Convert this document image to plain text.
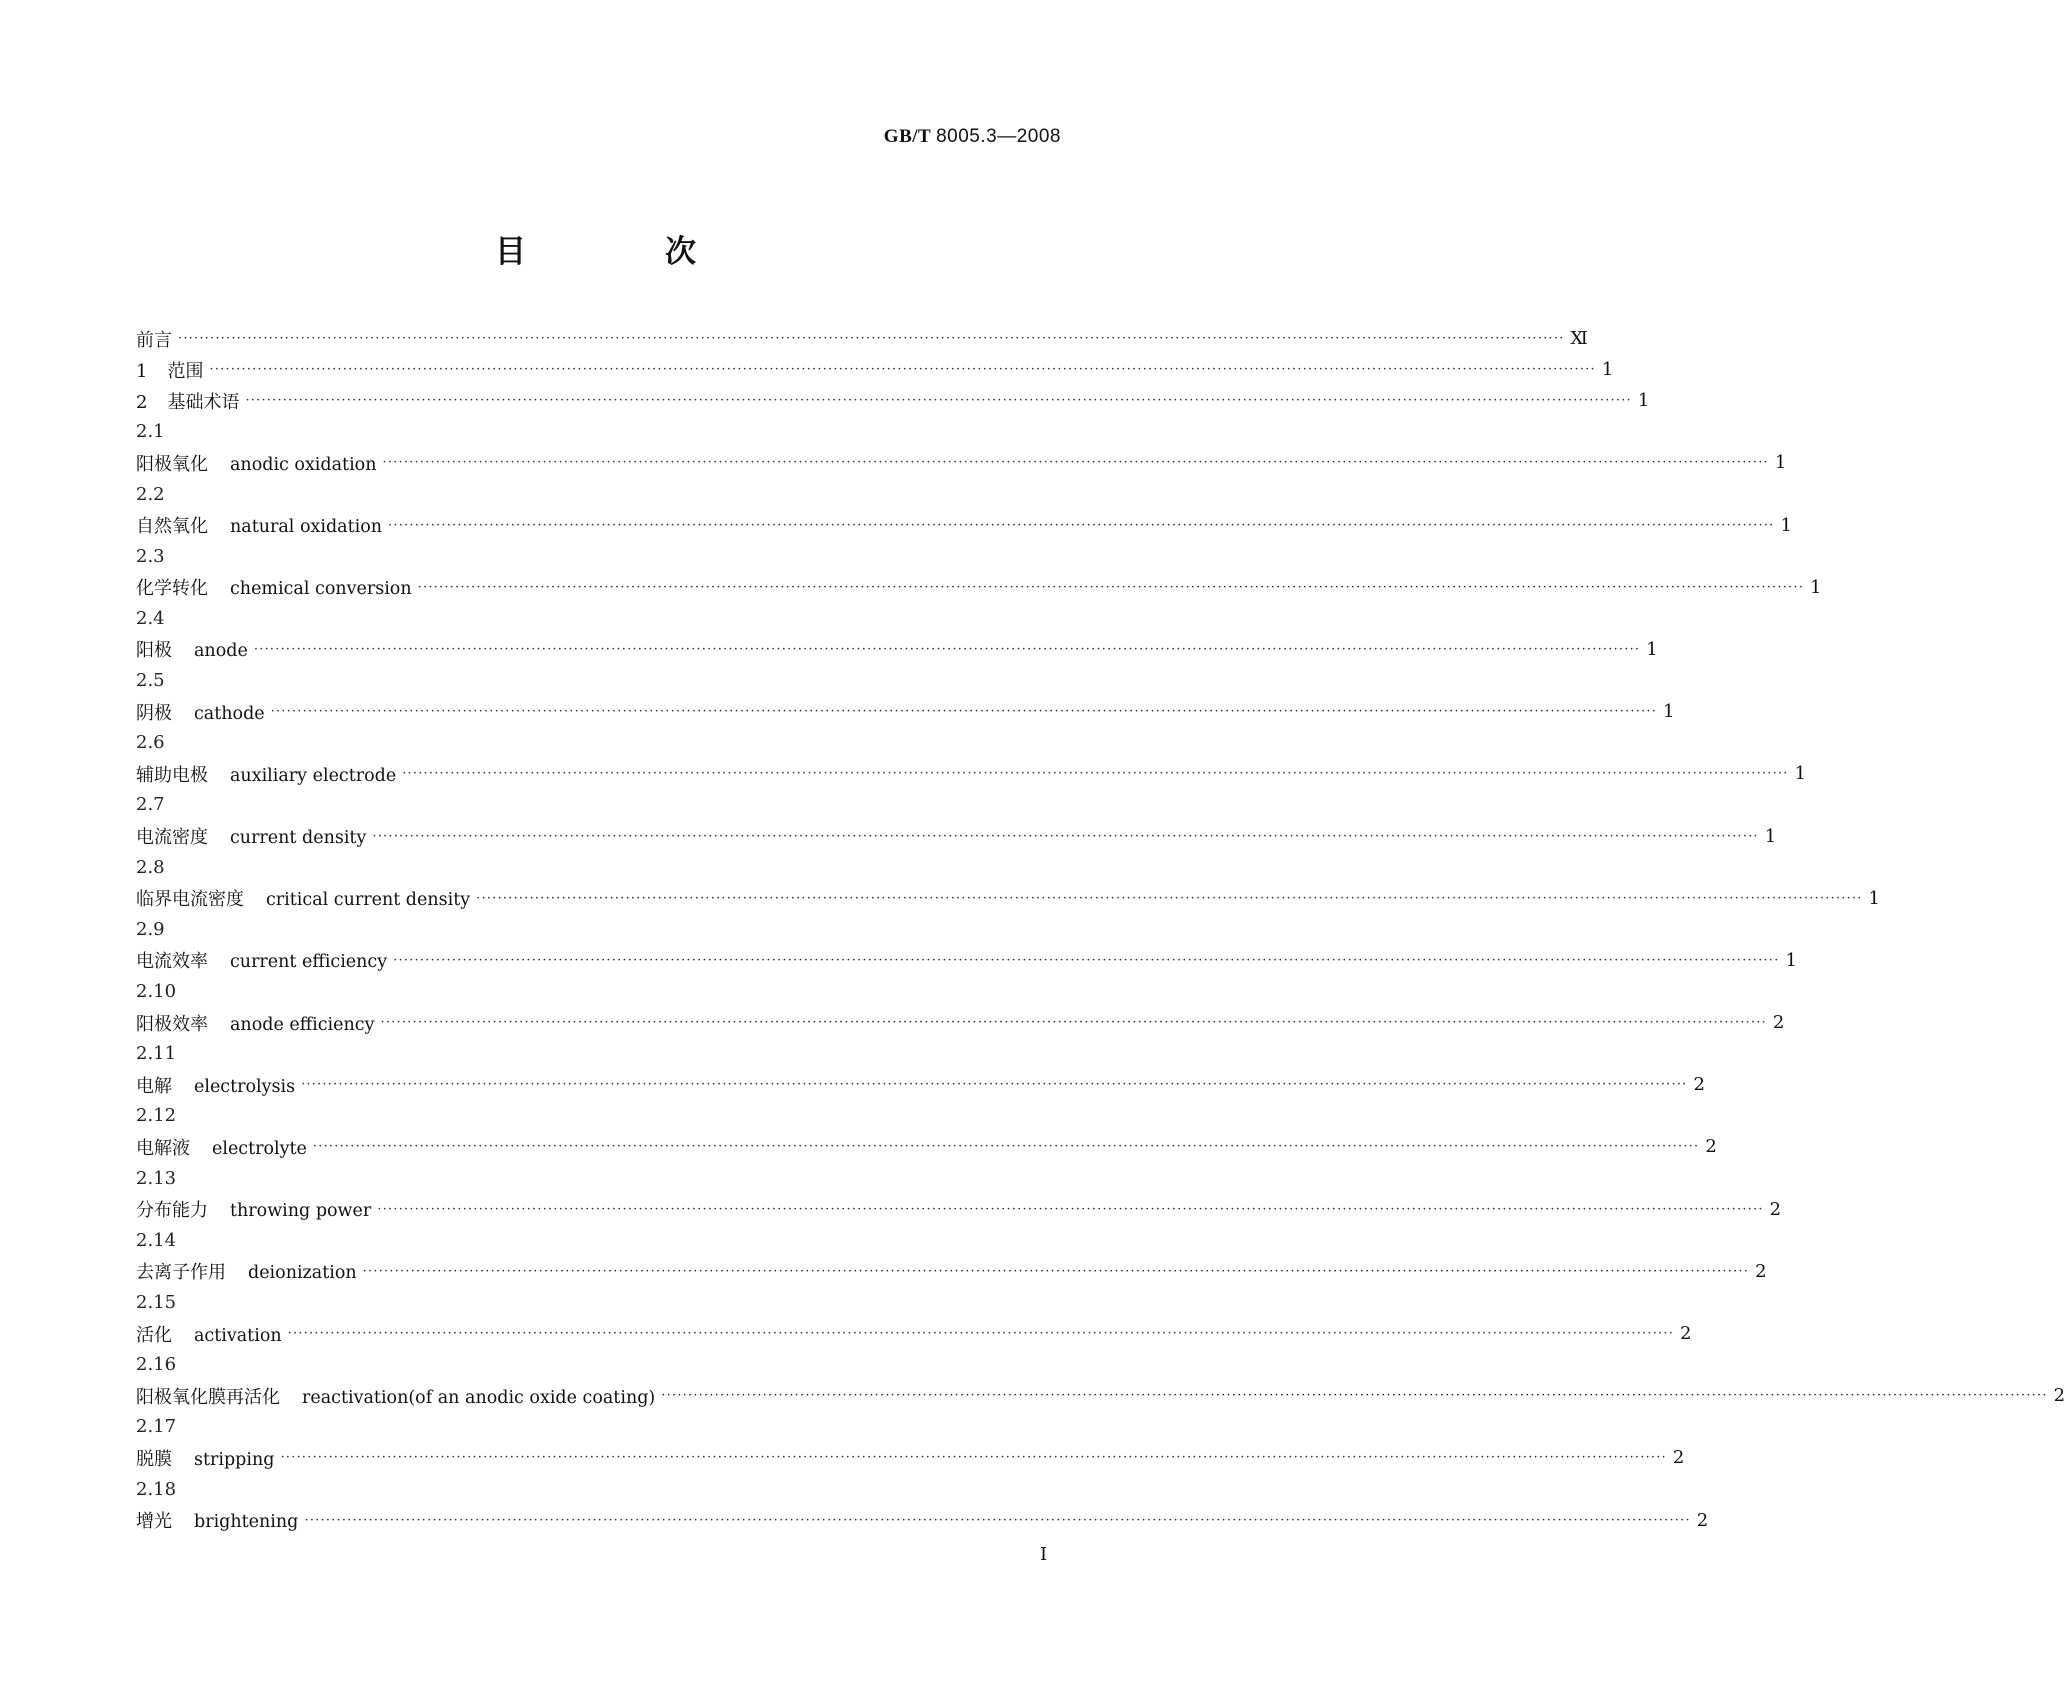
GB/T 8005.3—2008
目　次
前言 ···································································································································································································································································· Ⅺ
1 范围 ···································································································································································································································································· 1
2 基础术语 ···································································································································································································································································· 1
2.1
阳极氧化 anodic oxidation ···································································································································································································································································· 1
2.2
自然氧化 natural oxidation ···································································································································································································································································· 1
2.3
化学转化 chemical conversion ···································································································································································································································································· 1
2.4
阳极 anode ···································································································································································································································································· 1
2.5
阴极 cathode ···································································································································································································································································· 1
2.6
辅助电极 auxiliary electrode ···································································································································································································································································· 1
2.7
电流密度 current density ···································································································································································································································································· 1
2.8
临界电流密度 critical current density ···································································································································································································································································· 1
2.9
电流效率 current efficiency ···································································································································································································································································· 1
2.10
阳极效率 anode efficiency ···································································································································································································································································· 2
2.11
电解 electrolysis ···································································································································································································································································· 2
2.12
电解液 electrolyte ···································································································································································································································································· 2
2.13
分布能力 throwing power ···································································································································································································································································· 2
2.14
去离子作用 deionization ···································································································································································································································································· 2
2.15
活化 activation ···································································································································································································································································· 2
2.16
阳极氧化膜再活化 reactivation(of an anodic oxide coating) ···································································································································································································································································· 2
2.17
脱膜 stripping ···································································································································································································································································· 2
2.18
增光 brightening ···································································································································································································································································· 2
I
